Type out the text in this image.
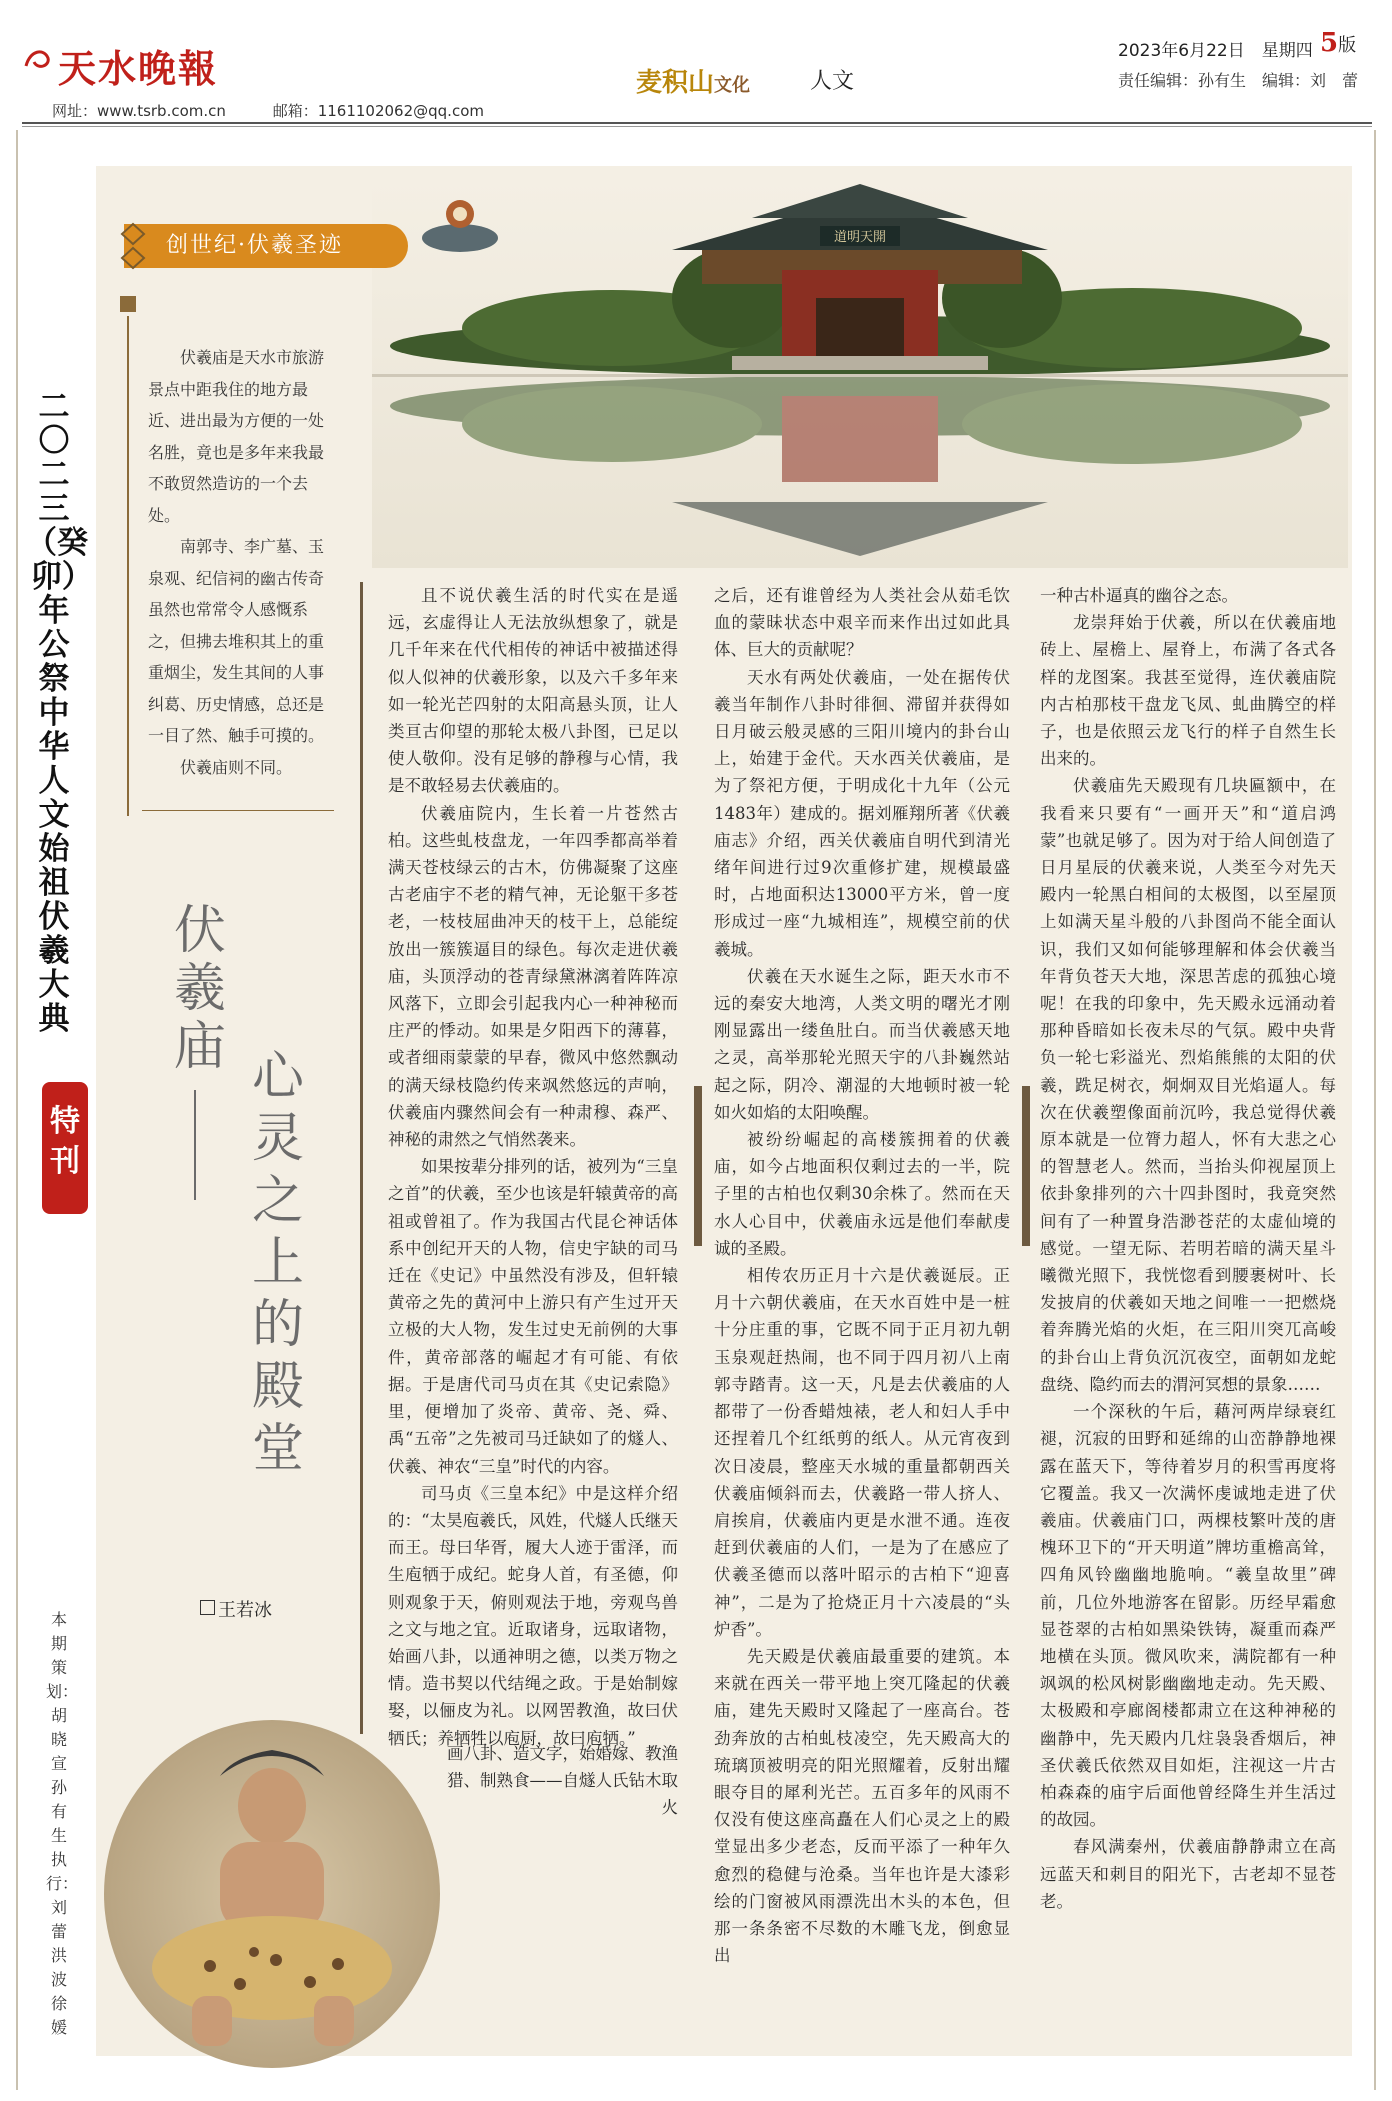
天水晚報
网址：www.tsrb.com.cn	邮箱：1161102062@qq.com
麦积山文化	人文
2023年6月22日　星期四 5版
责任编辑：孙有生　编辑：刘　蕾
二〇二三（癸卯）年公祭中华人文始祖伏羲大典
特刊
本期策划：胡晓宣 孙有生 执行：刘蕾 洪波 徐媛
道明天開
创世纪·伏羲圣迹

伏羲庙是天水市旅游景点中距我住的地方最近、进出最为方便的一处名胜，竟也是多年来我最不敢贸然造访的一个去处。

南郭寺、李广墓、玉泉观、纪信祠的幽古传奇虽然也常常令人感慨系之，但拂去堆积其上的重重烟尘，发生其间的人事纠葛、历史情感，总还是一目了然、触手可摸的。

伏羲庙则不同。

伏羲庙 心灵之上的殿堂
王若冰

且不说伏羲生活的时代实在是遥远，玄虚得让人无法放纵想象了，就是几千年来在代代相传的神话中被描述得似人似神的伏羲形象，以及六千多年来如一轮光芒四射的太阳高悬头顶，让人类亘古仰望的那轮太极八卦图，已足以使人敬仰。没有足够的静穆与心情，我是不敢轻易去伏羲庙的。

伏羲庙院内，生长着一片苍然古柏。这些虬枝盘龙，一年四季都高举着满天苍枝绿云的古木，仿佛凝聚了这座古老庙宇不老的精气神，无论躯干多苍老，一枝枝屈曲冲天的枝干上，总能绽放出一簇簇逼目的绿色。每次走进伏羲庙，头顶浮动的苍青绿黛淋漓着阵阵凉风落下，立即会引起我内心一种神秘而庄严的悸动。如果是夕阳西下的薄暮，或者细雨蒙蒙的早春，微风中悠然飘动的满天绿枝隐约传来飒然悠远的声响，伏羲庙内骤然间会有一种肃穆、森严、神秘的肃然之气悄然袭来。

如果按辈分排列的话，被列为“三皇之首”的伏羲，至少也该是轩辕黄帝的高祖或曾祖了。作为我国古代昆仑神话体系中创纪开天的人物，信史宇缺的司马迁在《史记》中虽然没有涉及，但轩辕黄帝之先的黄河中上游只有产生过开天立极的大人物，发生过史无前例的大事件，黄帝部落的崛起才有可能、有依据。于是唐代司马贞在其《史记索隐》里，便增加了炎帝、黄帝、尧、舜、禹“五帝”之先被司马迁缺如了的燧人、伏羲、神农“三皇”时代的内容。

司马贞《三皇本纪》中是这样介绍的：“太昊庖羲氏，风姓，代燧人氏继天而王。母曰华胥，履大人迹于雷泽，而生庖牺于成纪。蛇身人首，有圣德，仰则观象于天，俯则观法于地，旁观鸟兽之文与地之宜。近取诸身，远取诸物，始画八卦，以通神明之德，以类万物之情。造书契以代结绳之政。于是始制嫁娶，以俪皮为礼。以网罟教渔，故曰伏牺氏；养牺牲以庖厨，故曰庖牺。”

画八卦、造文字，始婚嫁、教渔猎、制熟食——自燧人氏钻木取火

之后，还有谁曾经为人类社会从茹毛饮血的蒙昧状态中艰辛而来作出过如此具体、巨大的贡献呢？

天水有两处伏羲庙，一处在据传伏羲当年制作八卦时徘徊、滞留并获得如日月破云般灵感的三阳川境内的卦台山上，始建于金代。天水西关伏羲庙，是为了祭祀方便，于明成化十九年（公元1483年）建成的。据刘雁翔所著《伏羲庙志》介绍，西关伏羲庙自明代到清光绪年间进行过9次重修扩建，规模最盛时，占地面积达13000平方米，曾一度形成过一座“九城相连”，规模空前的伏羲城。

伏羲在天水诞生之际，距天水市不远的秦安大地湾，人类文明的曙光才刚刚显露出一缕鱼肚白。而当伏羲感天地之灵，高举那轮光照天宇的八卦巍然站起之际，阴冷、潮湿的大地顿时被一轮如火如焰的太阳唤醒。

被纷纷崛起的高楼簇拥着的伏羲庙，如今占地面积仅剩过去的一半，院子里的古柏也仅剩30余株了。然而在天水人心目中，伏羲庙永远是他们奉献虔诚的圣殿。

相传农历正月十六是伏羲诞辰。正月十六朝伏羲庙，在天水百姓中是一桩十分庄重的事，它既不同于正月初九朝玉泉观赶热闹，也不同于四月初八上南郭寺踏青。这一天，凡是去伏羲庙的人都带了一份香蜡烛裱，老人和妇人手中还捏着几个红纸剪的纸人。从元宵夜到次日凌晨，整座天水城的重量都朝西关伏羲庙倾斜而去，伏羲路一带人挤人、肩挨肩，伏羲庙内更是水泄不通。连夜赶到伏羲庙的人们，一是为了在感应了伏羲圣德而以落叶昭示的古柏下“迎喜神”，二是为了抢烧正月十六凌晨的“头炉香”。

先天殿是伏羲庙最重要的建筑。本来就在西关一带平地上突兀隆起的伏羲庙，建先天殿时又隆起了一座高台。苍劲奔放的古柏虬枝凌空，先天殿高大的琉璃顶被明亮的阳光照耀着，反射出耀眼夺目的犀利光芒。五百多年的风雨不仅没有使这座高矗在人们心灵之上的殿堂显出多少老态，反而平添了一种年久愈烈的稳健与沧桑。当年也许是大漆彩绘的门窗被风雨漂洗出木头的本色，但那一条条密不尽数的木雕飞龙，倒愈显出

一种古朴逼真的幽谷之态。

龙崇拜始于伏羲，所以在伏羲庙地砖上、屋檐上、屋脊上，布满了各式各样的龙图案。我甚至觉得，连伏羲庙院内古柏那枝干盘龙飞凤、虬曲腾空的样子，也是依照云龙飞行的样子自然生长出来的。

伏羲庙先天殿现有几块匾额中，在我看来只要有“一画开天”和“道启鸿蒙”也就足够了。因为对于给人间创造了日月星辰的伏羲来说，人类至今对先天殿内一轮黑白相间的太极图，以至屋顶上如满天星斗般的八卦图尚不能全面认识，我们又如何能够理解和体会伏羲当年背负苍天大地，深思苦虑的孤独心境呢！在我的印象中，先天殿永远涌动着那种昏暗如长夜未尽的气氛。殿中央背负一轮七彩溢光、烈焰熊熊的太阳的伏羲，跣足树衣，炯炯双目光焰逼人。每次在伏羲塑像面前沉吟，我总觉得伏羲原本就是一位膂力超人，怀有大悲之心的智慧老人。然而，当抬头仰视屋顶上依卦象排列的六十四卦图时，我竟突然间有了一种置身浩渺苍茫的太虚仙境的感觉。一望无际、若明若暗的满天星斗曦微光照下，我恍惚看到腰裹树叶、长发披肩的伏羲如天地之间唯一一把燃烧着奔腾光焰的火炬，在三阳川突兀高峻的卦台山上背负沉沉夜空，面朝如龙蛇盘绕、隐约而去的渭河冥想的景象……

一个深秋的午后，藉河两岸绿衰红褪，沉寂的田野和延绵的山峦静静地裸露在蓝天下，等待着岁月的积雪再度将它覆盖。我又一次满怀虔诚地走进了伏羲庙。伏羲庙门口，两棵枝繁叶茂的唐槐环卫下的“开天明道”牌坊重檐高耸，四角风铃幽幽地脆响。“羲皇故里”碑前，几位外地游客在留影。历经早霜愈显苍翠的古柏如黑染铁铸，凝重而森严地横在头顶。微风吹来，满院都有一种飒飒的松风树影幽幽地走动。先天殿、太极殿和亭廊阁楼都肃立在这种神秘的幽静中，先天殿内几炷袅袅香烟后，神圣伏羲氏依然双目如炬，注视这一片古柏森森的庙宇后面他曾经降生并生活过的故园。

春风满秦州，伏羲庙静静肃立在高远蓝天和刺目的阳光下，古老却不显苍老。
